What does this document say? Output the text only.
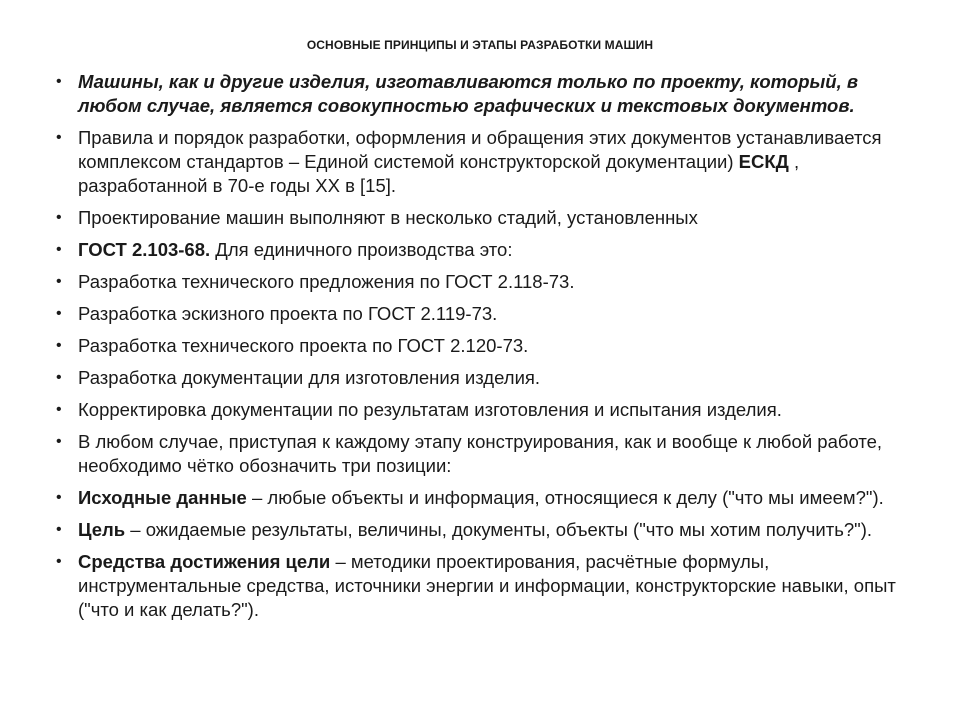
ОСНОВНЫЕ ПРИНЦИПЫ И ЭТАПЫ РАЗРАБОТКИ МАШИН
• Машины, как и другие изделия, изготавливаются только по проекту, который, в любом случае, является совокупностью графических и текстовых документов.
• Правила и порядок разработки, оформления и обращения этих документов устанавливается комплексом стандартов – Единой системой конструкторской документации) ЕСКД , разработанной в 70-е годы XX в [15].
• Проектирование машин выполняют в несколько стадий, установленных
• ГОСТ 2.103-68. Для единичного производства это:
• Разработка технического предложения по ГОСТ 2.118-73.
• Разработка эскизного проекта по ГОСТ 2.119-73.
• Разработка технического проекта по ГОСТ 2.120-73.
• Разработка документации для изготовления изделия.
• Корректировка документации по результатам изготовления и испытания изделия.
• В любом случае, приступая к каждому этапу конструирования, как и вообще к любой работе, необходимо чётко обозначить три позиции:
• Исходные данные – любые объекты и информация, относящиеся к делу ("что мы имеем?").
• Цель – ожидаемые результаты, величины, документы, объекты ("что мы хотим получить?").
• Средства достижения цели – методики проектирования, расчётные формулы, инструментальные средства, источники энергии и информации, конструкторские навыки, опыт ("что и как делать?").
